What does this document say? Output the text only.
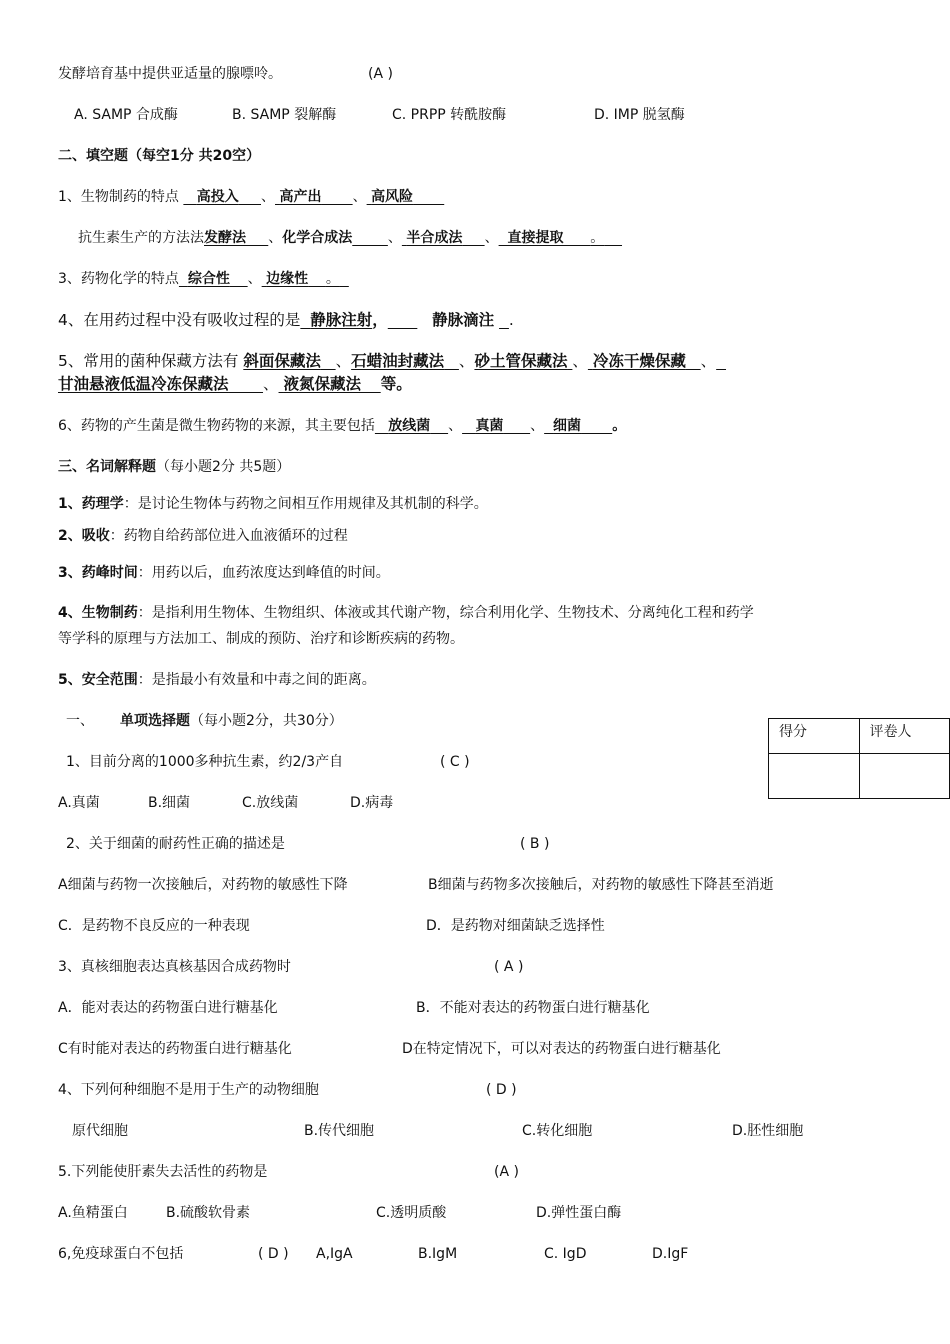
发酵培育基中提供亚适量的腺嘌呤。	(A )
A. SAMP 合成酶	B. SAMP 裂解酶	C. PRPP 转酰胺酶	D. IMP 脱氢酶
二、填空题（每空1分 共20空）
1、生物制药的特点 高投入 、 高产出 、 高风险
抗生素生产的方法法发酵法 、化学合成法	、 半合成法 、 直接提取 。
3、药物化学的特点 综合性 、 边缘性 。
4、在用药过程中没有吸收过程的是 静脉注射，	静脉滴注 .
5、常用的菌种保藏方法有 斜面保藏法 、石蜡油封藏法 、砂土管保藏法 、 冷冻干燥保藏 、
甘油悬液低温冷冻保藏法 、 液氮保藏法 等。
6、药物的产生菌是微生物药物的来源，其主要包括 放线菌 、 真菌 、 细菌 。
三、名词解释题（每小题2分 共5题）
1、药理学：是讨论生物体与药物之间相互作用规律及其机制的科学。
2、吸收：药物自给药部位进入血液循环的过程
3、药峰时间：用药以后，血药浓度达到峰值的时间。
4、生物制药：是指利用生物体、生物组织、体液或其代谢产物，综合利用化学、生物技术、分离纯化工程和药学
等学科的原理与方法加工、制成的预防、治疗和诊断疾病的药物。
5、安全范围：是指最小有效量和中毒之间的距离。
一、 单项选择题（每小题2分，共30分）
得分	评卷人

1、目前分离的1000多种抗生素，约2/3产自	( C )
A.真菌	B.细菌	C.放线菌	D.病毒
2、关于细菌的耐药性正确的描述是	( B )
A细菌与药物一次接触后，对药物的敏感性下降	B细菌与药物多次接触后，对药物的敏感性下降甚至消逝
C．是药物不良反应的一种表现	D．是药物对细菌缺乏选择性
3、真核细胞表达真核基因合成药物时	( A )
A．能对表达的药物蛋白进行糖基化	B．不能对表达的药物蛋白进行糖基化
C有时能对表达的药物蛋白进行糖基化	D在特定情况下，可以对表达的药物蛋白进行糖基化
4、下列何种细胞不是用于生产的动物细胞	( D )
原代细胞	B.传代细胞	C.转化细胞	D.胚性细胞
5.下列能使肝素失去活性的药物是	(A )
A.鱼精蛋白	B.硫酸软骨素	C.透明质酸	D.弹性蛋白酶
6,免疫球蛋白不包括	( D ) A,IgA	B.IgM	C. IgD	D.IgF
